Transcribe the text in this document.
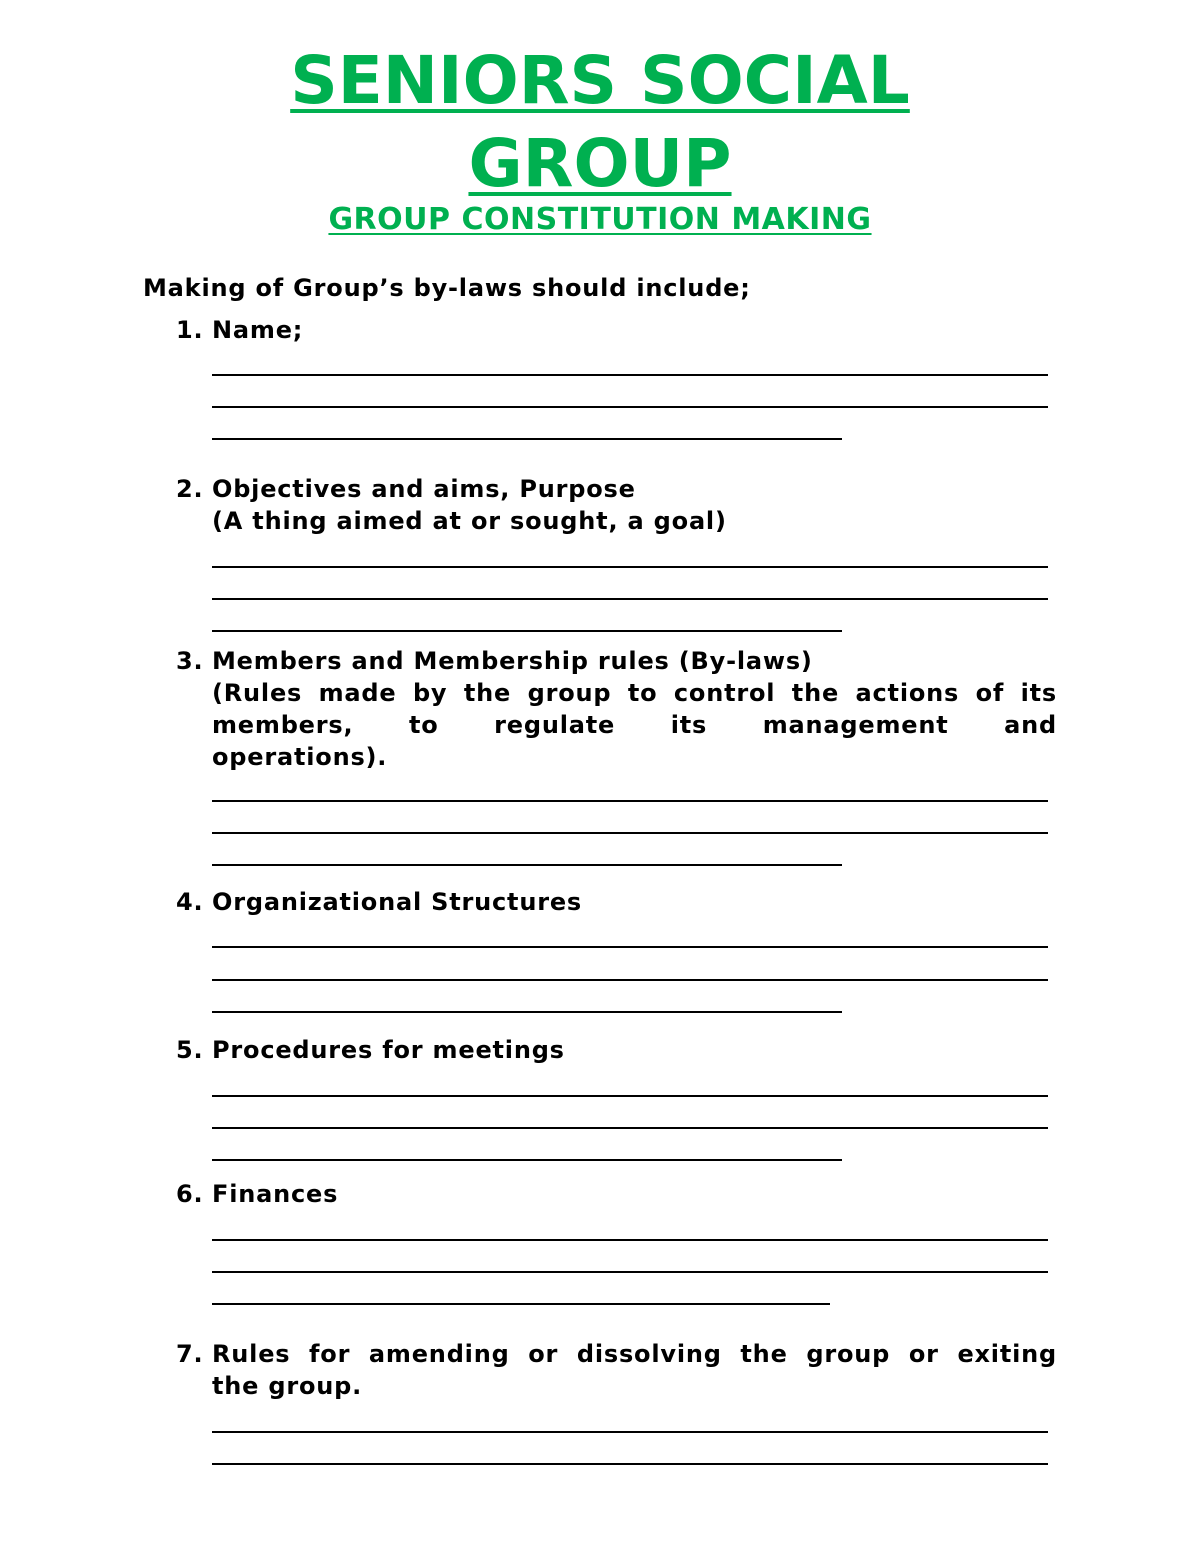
SENIORS SOCIAL
GROUP
GROUP CONSTITUTION MAKING

Making of Group’s by-laws should include;

1. Name;
2. Objectives and aims, Purpose
(A thing aimed at or sought, a goal)
3. Members and Membership rules (By-laws)
(Rules made by the group to control the actions of its
members, to regulate its management and
operations).
4. Organizational Structures
5. Procedures for meetings
6. Finances
7. Rules for amending or dissolving the group or exiting
the group.
